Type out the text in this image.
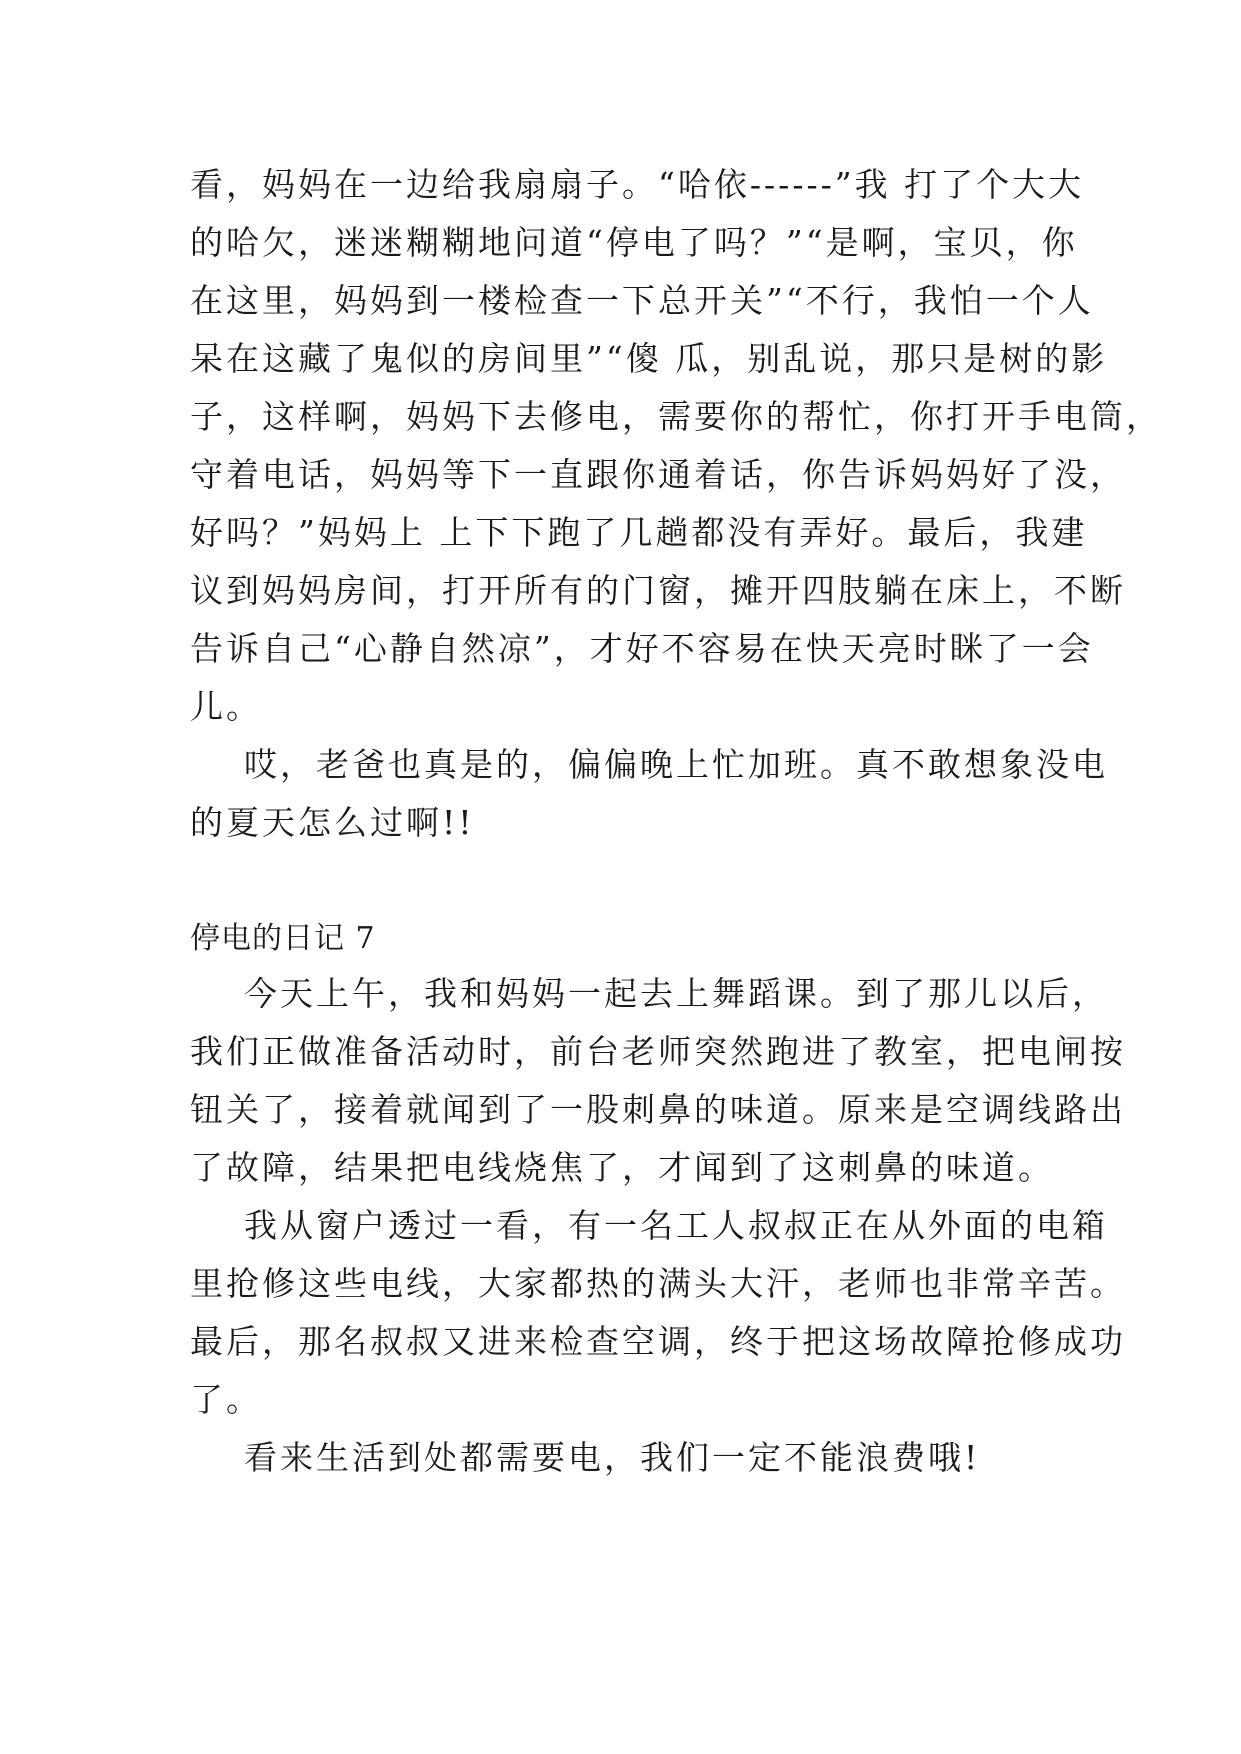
看，妈妈在一边给我扇扇子。“哈依------”我 打了个大大
的哈欠，迷迷糊糊地问道“停电了吗？”“是啊，宝贝，你
在这里，妈妈到一楼检查一下总开关”“不行，我怕一个人
呆在这藏了鬼似的房间里”“傻 瓜，别乱说，那只是树的影
子，这样啊，妈妈下去修电，需要你的帮忙，你打开手电筒，
守着电话，妈妈等下一直跟你通着话，你告诉妈妈好了没，
好吗？”妈妈上 上下下跑了几趟都没有弄好。最后，我建
议到妈妈房间，打开所有的门窗，摊开四肢躺在床上，不断
告诉自己“心静自然凉”，才好不容易在快天亮时眯了一会
儿。
哎，老爸也真是的，偏偏晚上忙加班。真不敢想象没电
的夏天怎么过啊!!
停电的日记 7
今天上午，我和妈妈一起去上舞蹈课。到了那儿以后，
我们正做准备活动时，前台老师突然跑进了教室，把电闸按
钮关了，接着就闻到了一股刺鼻的味道。原来是空调线路出
了故障，结果把电线烧焦了，才闻到了这刺鼻的味道。
我从窗户透过一看，有一名工人叔叔正在从外面的电箱
里抢修这些电线，大家都热的满头大汗，老师也非常辛苦。
最后，那名叔叔又进来检查空调，终于把这场故障抢修成功
了。
看来生活到处都需要电，我们一定不能浪费哦!
